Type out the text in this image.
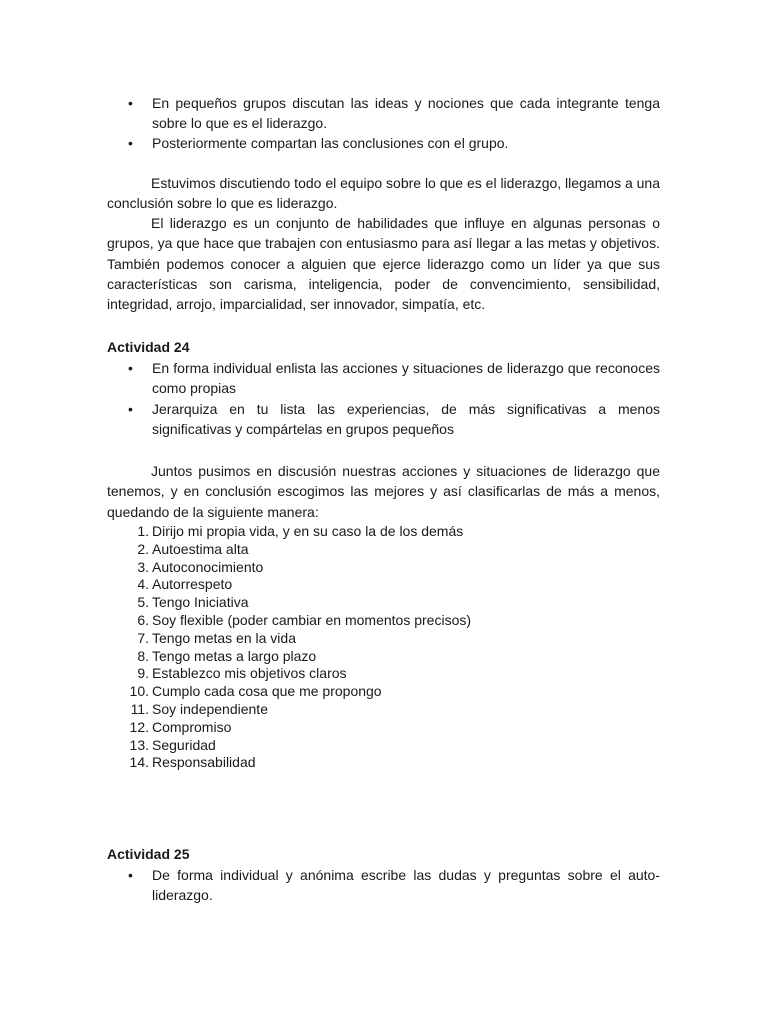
• En pequeños grupos discutan las ideas y nociones que cada integrante tenga sobre lo que es el liderazgo.
• Posteriormente compartan las conclusiones con el grupo.

Estuvimos discutiendo todo el equipo sobre lo que es el liderazgo, llegamos a una conclusión sobre lo que es liderazgo.

El liderazgo es un conjunto de habilidades que influye en algunas personas o grupos, ya que hace que trabajen con entusiasmo para así llegar a las metas y objetivos. También podemos conocer a alguien que ejerce liderazgo como un líder ya que sus características son carisma, inteligencia, poder de convencimiento, sensibilidad, integridad, arrojo, imparcialidad, ser innovador, simpatía, etc.

Actividad 24
• En forma individual enlista las acciones y situaciones de liderazgo que reconoces como propias
• Jerarquiza en tu lista las experiencias, de más significativas a menos significativas y compártelas en grupos pequeños

Juntos pusimos en discusión nuestras acciones y situaciones de liderazgo que tenemos, y en conclusión escogimos las mejores y así clasificarlas de más a menos, quedando de la siguiente manera:

1. Dirijo mi propia vida, y en su caso la de los demás
2. Autoestima alta
3. Autoconocimiento
4. Autorrespeto
5. Tengo Iniciativa
6. Soy flexible (poder cambiar en momentos precisos)
7. Tengo metas en la vida
8. Tengo metas a largo plazo
9. Establezco mis objetivos claros
10. Cumplo cada cosa que me propongo
11. Soy independiente
12. Compromiso
13. Seguridad
14. Responsabilidad
Actividad 25
• De forma individual y anónima escribe las dudas y preguntas sobre el auto-liderazgo.
